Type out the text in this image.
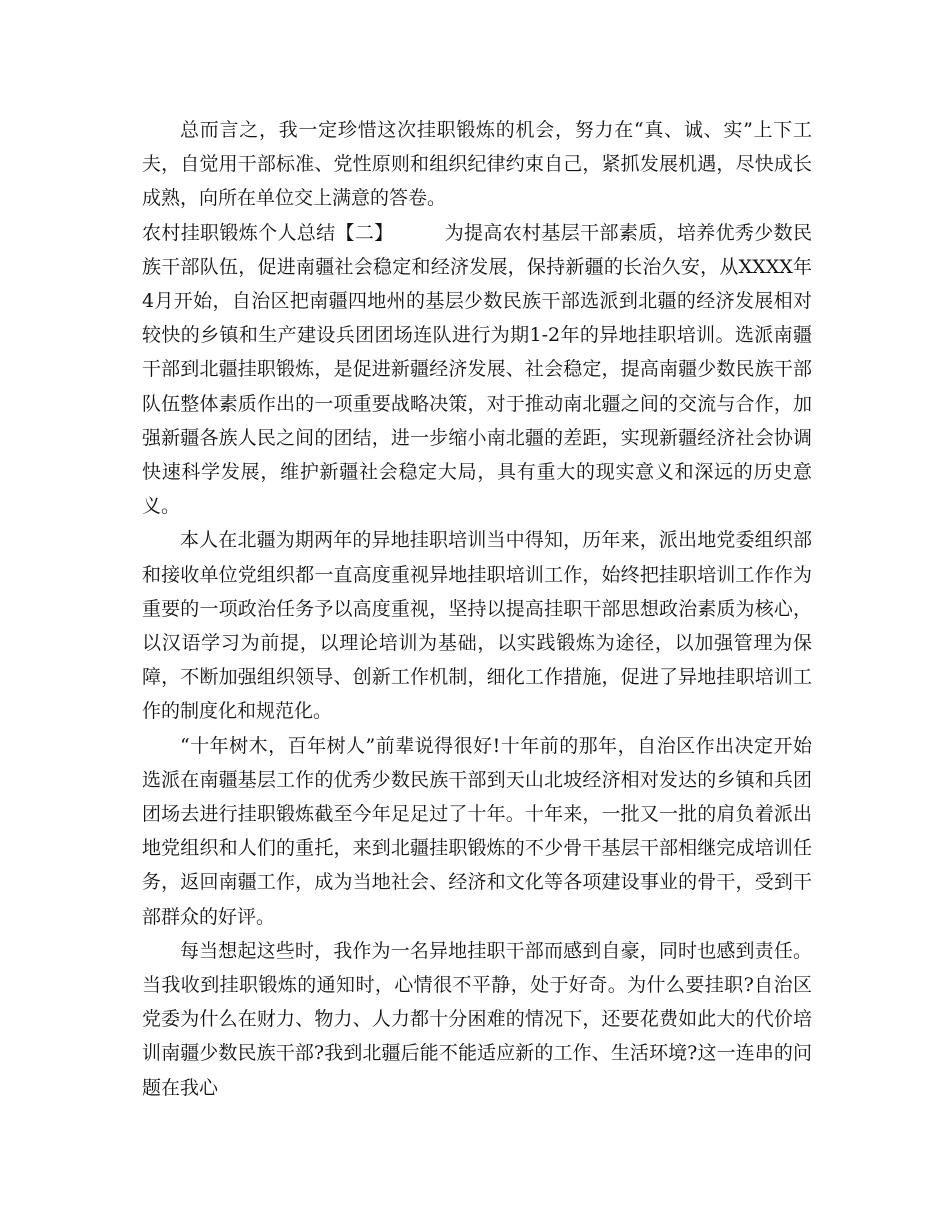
总而言之，我一定珍惜这次挂职锻炼的机会，努力在“真、诚、实”上下工夫，自觉用干部标准、党性原则和组织纪律约束自己，紧抓发展机遇，尽快成长成熟，向所在单位交上满意的答卷。

农村挂职锻炼个人总结【二】	为提高农村基层干部素质，培养优秀少数民族干部队伍，促进南疆社会稳定和经济发展，保持新疆的长治久安，从XXXX年4月开始，自治区把南疆四地州的基层少数民族干部选派到北疆的经济发展相对较快的乡镇和生产建设兵团团场连队进行为期1-2年的异地挂职培训。选派南疆干部到北疆挂职锻炼，是促进新疆经济发展、社会稳定，提高南疆少数民族干部队伍整体素质作出的一项重要战略决策，对于推动南北疆之间的交流与合作，加强新疆各族人民之间的团结，进一步缩小南北疆的差距，实现新疆经济社会协调快速科学发展，维护新疆社会稳定大局，具有重大的现实意义和深远的历史意义。

本人在北疆为期两年的异地挂职培训当中得知，历年来，派出地党委组织部和接收单位党组织都一直高度重视异地挂职培训工作，始终把挂职培训工作作为重要的一项政治任务予以高度重视，坚持以提高挂职干部思想政治素质为核心，以汉语学习为前提，以理论培训为基础，以实践锻炼为途径，以加强管理为保障，不断加强组织领导、创新工作机制，细化工作措施，促进了异地挂职培训工作的制度化和规范化。

“十年树木，百年树人”前辈说得很好!十年前的那年，自治区作出决定开始选派在南疆基层工作的优秀少数民族干部到天山北坡经济相对发达的乡镇和兵团团场去进行挂职锻炼截至今年足足过了十年。十年来，一批又一批的肩负着派出地党组织和人们的重托，来到北疆挂职锻炼的不少骨干基层干部相继完成培训任务，返回南疆工作，成为当地社会、经济和文化等各项建设事业的骨干，受到干部群众的好评。

每当想起这些时，我作为一名异地挂职干部而感到自豪，同时也感到责任。当我收到挂职锻炼的通知时，心情很不平静，处于好奇。为什么要挂职?自治区党委为什么在财力、物力、人力都十分困难的情况下，还要花费如此大的代价培训南疆少数民族干部?我到北疆后能不能适应新的工作、生活环境?这一连串的问题在我心
